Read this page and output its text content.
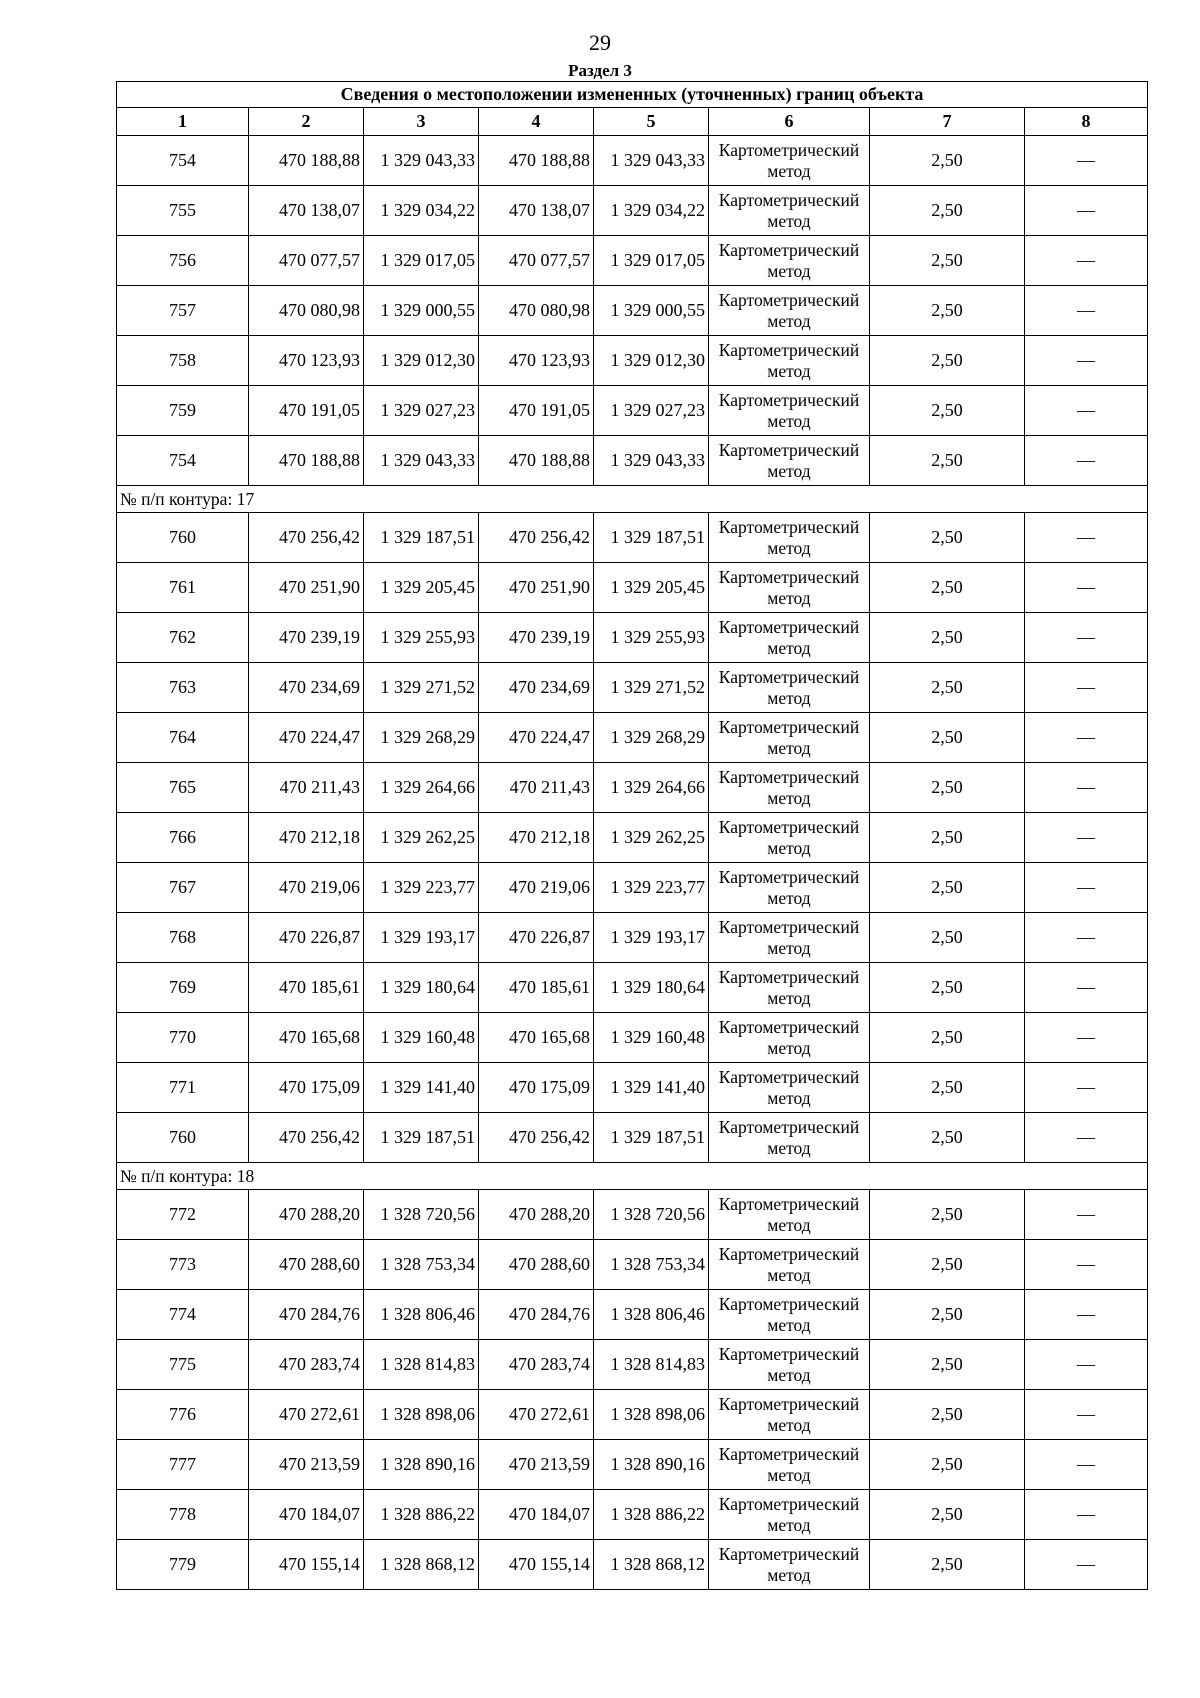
29
Раздел 3
Сведения о местоположении измененных (уточненных) границ объекта							
1	2	3	4	5	6	7	8
754	470 188,88	1 329 043,33	470 188,88	1 329 043,33	Картометрический метод	2,50	—
755	470 138,07	1 329 034,22	470 138,07	1 329 034,22	Картометрический метод	2,50	—
756	470 077,57	1 329 017,05	470 077,57	1 329 017,05	Картометрический метод	2,50	—
757	470 080,98	1 329 000,55	470 080,98	1 329 000,55	Картометрический метод	2,50	—
758	470 123,93	1 329 012,30	470 123,93	1 329 012,30	Картометрический метод	2,50	—
759	470 191,05	1 329 027,23	470 191,05	1 329 027,23	Картометрический метод	2,50	—
754	470 188,88	1 329 043,33	470 188,88	1 329 043,33	Картометрический метод	2,50	—
№ п/п контура: 17							
760	470 256,42	1 329 187,51	470 256,42	1 329 187,51	Картометрический метод	2,50	—
761	470 251,90	1 329 205,45	470 251,90	1 329 205,45	Картометрический метод	2,50	—
762	470 239,19	1 329 255,93	470 239,19	1 329 255,93	Картометрический метод	2,50	—
763	470 234,69	1 329 271,52	470 234,69	1 329 271,52	Картометрический метод	2,50	—
764	470 224,47	1 329 268,29	470 224,47	1 329 268,29	Картометрический метод	2,50	—
765	470 211,43	1 329 264,66	470 211,43	1 329 264,66	Картометрический метод	2,50	—
766	470 212,18	1 329 262,25	470 212,18	1 329 262,25	Картометрический метод	2,50	—
767	470 219,06	1 329 223,77	470 219,06	1 329 223,77	Картометрический метод	2,50	—
768	470 226,87	1 329 193,17	470 226,87	1 329 193,17	Картометрический метод	2,50	—
769	470 185,61	1 329 180,64	470 185,61	1 329 180,64	Картометрический метод	2,50	—
770	470 165,68	1 329 160,48	470 165,68	1 329 160,48	Картометрический метод	2,50	—
771	470 175,09	1 329 141,40	470 175,09	1 329 141,40	Картометрический метод	2,50	—
760	470 256,42	1 329 187,51	470 256,42	1 329 187,51	Картометрический метод	2,50	—
№ п/п контура: 18							
772	470 288,20	1 328 720,56	470 288,20	1 328 720,56	Картометрический метод	2,50	—
773	470 288,60	1 328 753,34	470 288,60	1 328 753,34	Картометрический метод	2,50	—
774	470 284,76	1 328 806,46	470 284,76	1 328 806,46	Картометрический метод	2,50	—
775	470 283,74	1 328 814,83	470 283,74	1 328 814,83	Картометрический метод	2,50	—
776	470 272,61	1 328 898,06	470 272,61	1 328 898,06	Картометрический метод	2,50	—
777	470 213,59	1 328 890,16	470 213,59	1 328 890,16	Картометрический метод	2,50	—
778	470 184,07	1 328 886,22	470 184,07	1 328 886,22	Картометрический метод	2,50	—
779	470 155,14	1 328 868,12	470 155,14	1 328 868,12	Картометрический метод	2,50	—
